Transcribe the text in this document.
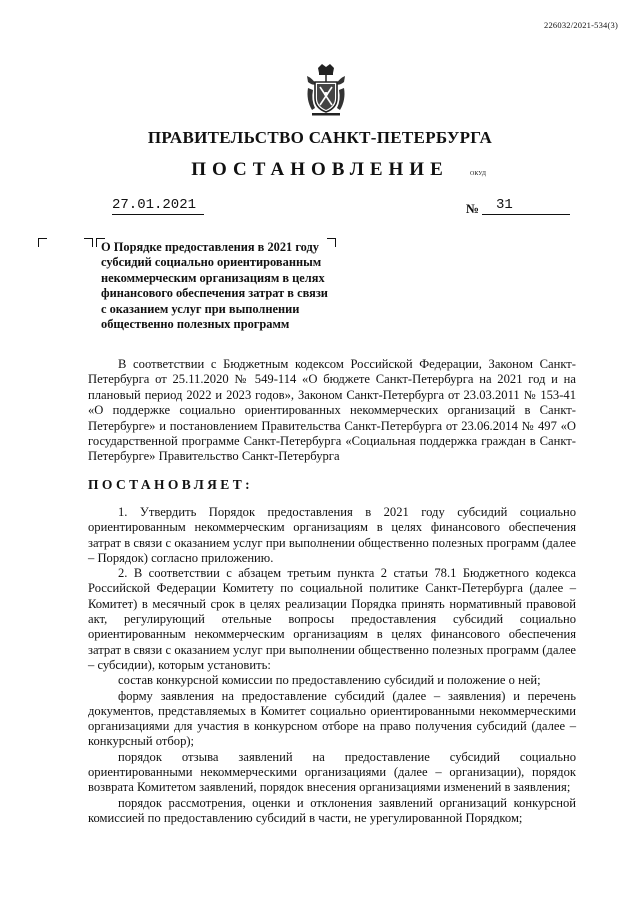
226032/2021-534(3)
ПРАВИТЕЛЬСТВО САНКТ-ПЕТЕРБУРГА
ПОСТАНОВЛЕНИЕ	ОКУД
27.01.2021	№ 31
О Порядке предоставления в 2021 году
субсидий социально ориентированным
некоммерческим организациям в целях
финансового обеспечения затрат в связи
с оказанием услуг при выполнении
общественно полезных программ
В соответствии с Бюджетным кодексом Российской Федерации, Законом Санкт-Петербурга от 25.11.2020 № 549-114 «О бюджете Санкт-Петербурга на 2021 год и на плановый период 2022 и 2023 годов», Законом Санкт-Петербурга от 23.03.2011 № 153-41 «О поддержке социально ориентированных некоммерческих организаций в Санкт-Петербурге» и постановлением Правительства Санкт-Петербурга от 23.06.2014 № 497 «О государственной программе Санкт-Петербурга «Социальная поддержка граждан в Санкт-Петербурге» Правительство Санкт-Петербурга
ПОСТАНОВЛЯЕТ:
1. Утвердить Порядок предоставления в 2021 году субсидий социально ориентированным некоммерческим организациям в целях финансового обеспечения затрат в связи с оказанием услуг при выполнении общественно полезных программ (далее – Порядок) согласно приложению.
2. В соответствии с абзацем третьим пункта 2 статьи 78.1 Бюджетного кодекса Российской Федерации Комитету по социальной политике Санкт-Петербурга (далее – Комитет) в месячный срок в целях реализации Порядка принять нормативный правовой акт, регулирующий отельные вопросы предоставления субсидий социально ориентированным некоммерческим организациям в целях финансового обеспечения затрат в связи с оказанием услуг при выполнении общественно полезных программ (далее – субсидии), которым установить:
состав конкурсной комиссии по предоставлению субсидий и положение о ней;
форму заявления на предоставление субсидий (далее – заявления) и перечень документов, представляемых в Комитет социально ориентированными некоммерческими организациями для участия в конкурсном отборе на право получения субсидий (далее – конкурсный отбор);
порядок отзыва заявлений на предоставление субсидий социально ориентированными некоммерческими организациями (далее – организации), порядок возврата Комитетом заявлений, порядок внесения организациями изменений в заявления;
порядок рассмотрения, оценки и отклонения заявлений организаций конкурсной комиссией по предоставлению субсидий в части, не урегулированной Порядком;
